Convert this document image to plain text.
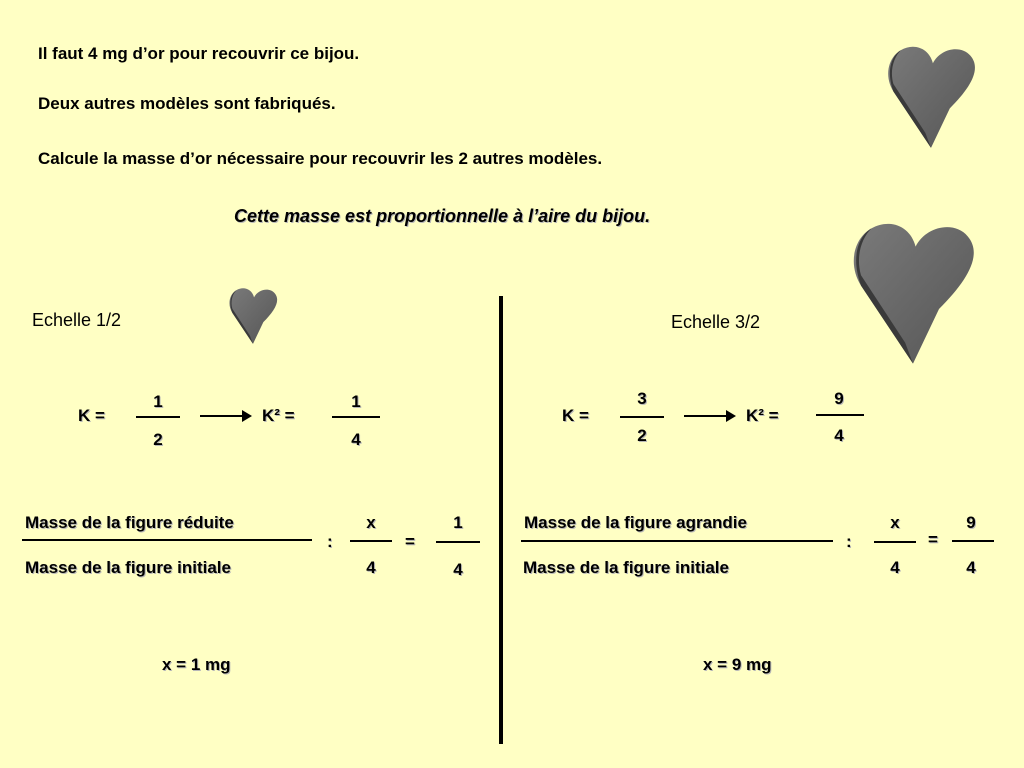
Il faut 4 mg d’or pour recouvrir ce bijou.
Deux autres modèles sont fabriqués.
Calcule la masse d’or nécessaire pour recouvrir les 2 autres modèles.
Cette masse est proportionnelle à l’aire du bijou.
Echelle 1/2
K =
1
2
K² =
1
4
Masse de la figure réduite
Masse de la figure initiale
:
x
4
=
1
4
x = 1 mg
Echelle 3/2
K =
3
2
K² =
9
4
Masse de la figure agrandie
Masse de la figure initiale
:
x
4
=
9
4
x = 9 mg
